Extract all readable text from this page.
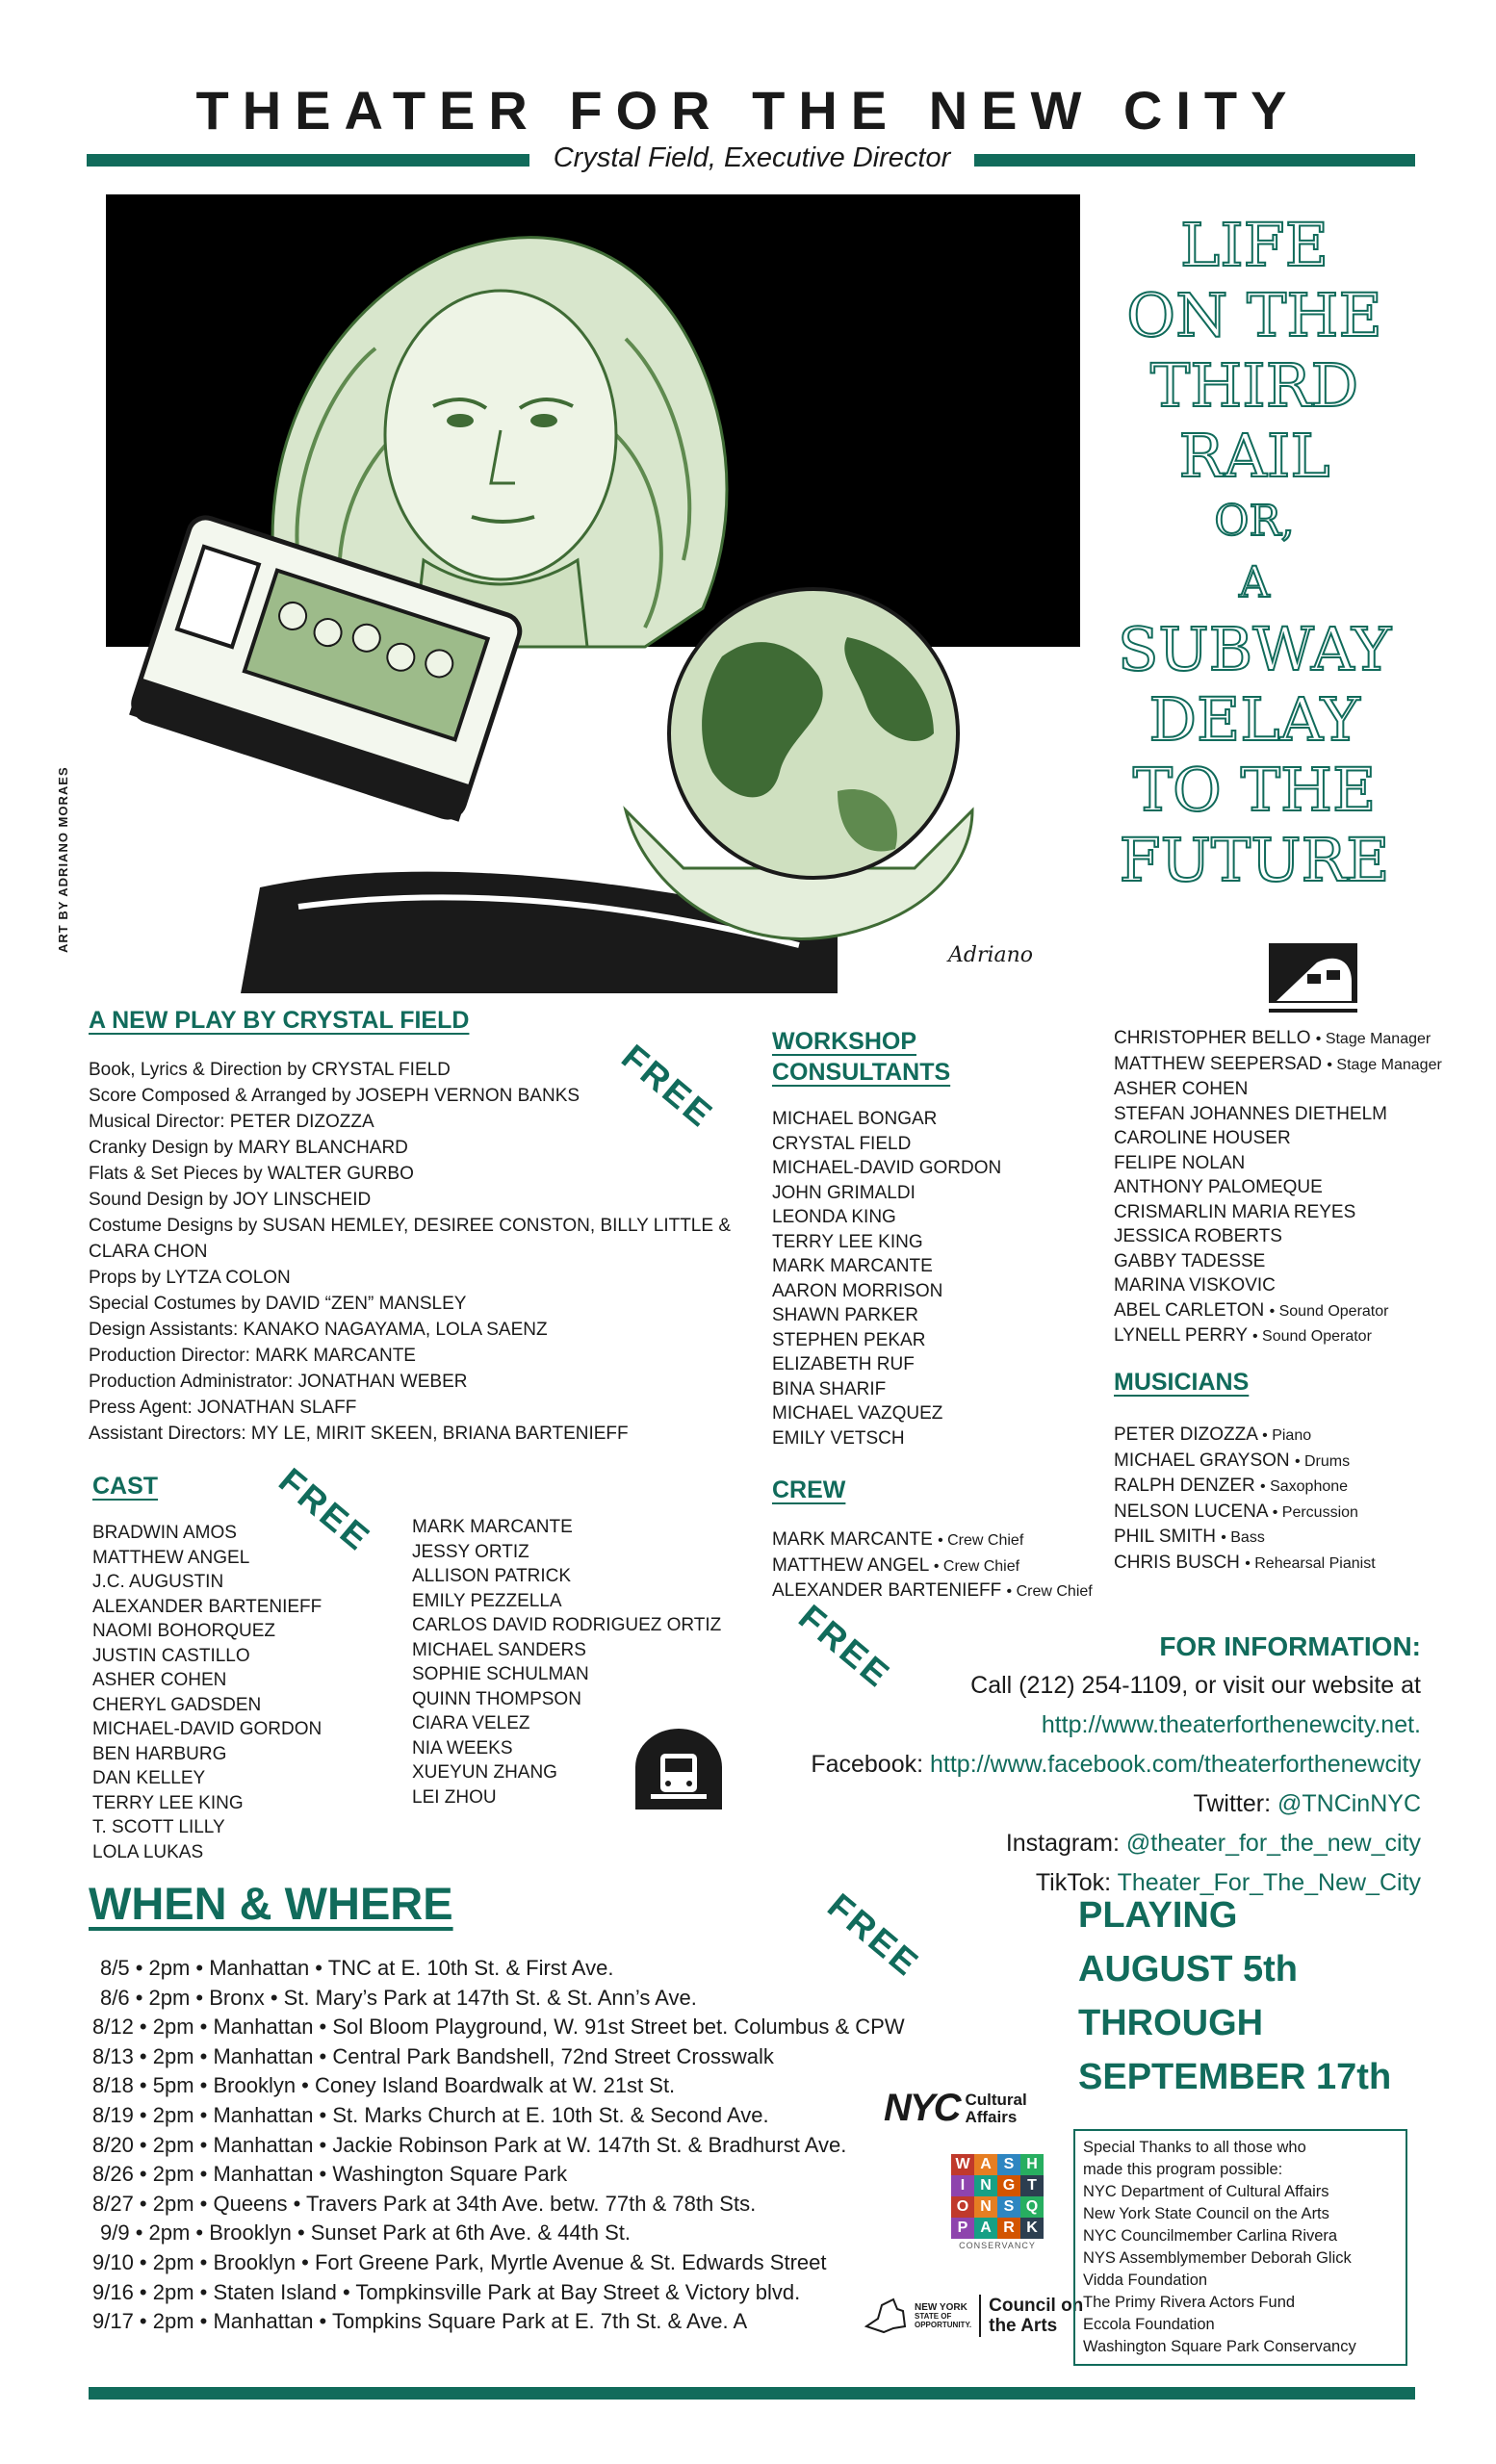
THEATER FOR THE NEW CITY
Crystal Field, Executive Director
ART BY ADRIANO MORAES
Adriano
LIFE
ON THE
THIRD
RAIL
OR,
A
SUBWAY
DELAY
TO THE
FUTURE
A NEW PLAY BY CRYSTAL FIELD
Book, Lyrics & Direction by CRYSTAL FIELD
Score Composed & Arranged by JOSEPH VERNON BANKS
Musical Director: PETER DIZOZZA
Cranky Design by MARY BLANCHARD
Flats & Set Pieces by WALTER GURBO
Sound Design by JOY LINSCHEID
Costume Designs by SUSAN HEMLEY, DESIREE CONSTON, BILLY LITTLE &
CLARA CHON
Props by LYTZA COLON
Special Costumes by DAVID “ZEN” MANSLEY
Design Assistants: KANAKO NAGAYAMA, LOLA SAENZ
Production Director: MARK MARCANTE
Production Administrator: JONATHAN WEBER
Press Agent: JONATHAN SLAFF
Assistant Directors: MY LE, MIRIT SKEEN, BRIANA BARTENIEFF
FREE
FREE
FREE
FREE
CAST
BRADWIN AMOS
MATTHEW ANGEL
J.C. AUGUSTIN
ALEXANDER BARTENIEFF
NAOMI BOHORQUEZ
JUSTIN CASTILLO
ASHER COHEN
CHERYL GADSDEN
MICHAEL-DAVID GORDON
BEN HARBURG
DAN KELLEY
TERRY LEE KING
T. SCOTT LILLY
LOLA LUKAS
MARK MARCANTE
JESSY ORTIZ
ALLISON PATRICK
EMILY PEZZELLA
CARLOS DAVID RODRIGUEZ ORTIZ
MICHAEL SANDERS
SOPHIE SCHULMAN
QUINN THOMPSON
CIARA VELEZ
NIA WEEKS
XUEYUN ZHANG
LEI ZHOU
WORKSHOP
CONSULTANTS
MICHAEL BONGAR
CRYSTAL FIELD
MICHAEL-DAVID GORDON
JOHN GRIMALDI
LEONDA KING
TERRY LEE KING
MARK MARCANTE
AARON MORRISON
SHAWN PARKER
STEPHEN PEKAR
ELIZABETH RUF
BINA SHARIF
MICHAEL VAZQUEZ
EMILY VETSCH
CREW
MARK MARCANTE • Crew Chief
MATTHEW ANGEL • Crew Chief
ALEXANDER BARTENIEFF • Crew Chief
CHRISTOPHER BELLO • Stage Manager
MATTHEW SEEPERSAD • Stage Manager
ASHER COHEN
STEFAN JOHANNES DIETHELM
CAROLINE HOUSER
FELIPE NOLAN
ANTHONY PALOMEQUE
CRISMARLIN MARIA REYES
JESSICA ROBERTS
GABBY TADESSE
MARINA VISKOVIC
ABEL CARLETON • Sound Operator
LYNELL PERRY • Sound Operator
MUSICIANS
PETER DIZOZZA • Piano
MICHAEL GRAYSON • Drums
RALPH DENZER • Saxophone
NELSON LUCENA • Percussion
PHIL SMITH • Bass
CHRIS BUSCH • Rehearsal Pianist
FOR INFORMATION:
Call (212) 254-1109, or visit our website at
http://www.theaterforthenewcity.net.
Facebook: http://www.facebook.com/theaterforthenewcity
Twitter: @TNCinNYC
Instagram: @theater_for_the_new_city
TikTok: Theater_For_The_New_City
WHEN & WHERE
8/5 • 2pm • Manhattan • TNC at E. 10th St. & First Ave.
8/6 • 2pm • Bronx • St. Mary’s Park at 147th St. & St. Ann’s Ave.
8/12 • 2pm • Manhattan • Sol Bloom Playground, W. 91st Street bet. Columbus & CPW
8/13 • 2pm • Manhattan • Central Park Bandshell, 72nd Street Crosswalk
8/18 • 5pm • Brooklyn • Coney Island Boardwalk at W. 21st St.
8/19 • 2pm • Manhattan • St. Marks Church at E. 10th St. & Second Ave.
8/20 • 2pm • Manhattan • Jackie Robinson Park at W. 147th St. & Bradhurst Ave.
8/26 • 2pm • Manhattan • Washington Square Park
8/27 • 2pm • Queens • Travers Park at 34th Ave. betw. 77th & 78th Sts.
9/9 • 2pm • Brooklyn • Sunset Park at 6th Ave. & 44th St.
9/10 • 2pm • Brooklyn • Fort Greene Park, Myrtle Avenue & St. Edwards Street
9/16 • 2pm • Staten Island • Tompkinsville Park at Bay Street & Victory blvd.
9/17 • 2pm • Manhattan • Tompkins Square Park at E. 7th St. & Ave. A
PLAYING
AUGUST 5th
THROUGH
SEPTEMBER 17th
NYC Cultural
Affairs
W A S H
I	N G T
O N S Q
P A R K
CONSERVANCY
NEW YORK
STATE OF
OPPORTUNITY.
Council on
the Arts
Special Thanks to all those who
made this program possible:
NYC Department of Cultural Affairs
New York State Council on the Arts
NYC Councilmember Carlina Rivera
NYS Assemblymember Deborah Glick
Vidda Foundation
The Primy Rivera Actors Fund
Eccola Foundation
Washington Square Park Conservancy
